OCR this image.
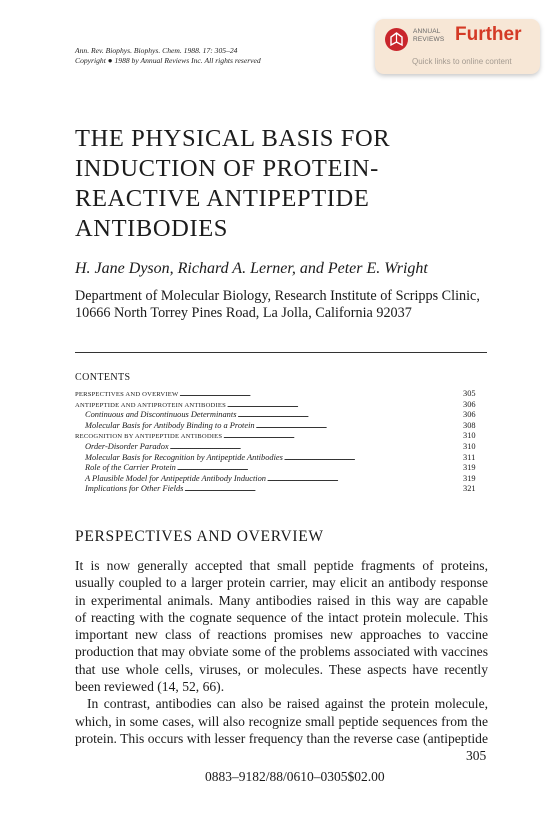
Ann. Rev. Biophys. Biophys. Chem. 1988. 17: 305–24
Copyright ● 1988 by Annual Reviews Inc. All rights reserved
ANNUAL
REVIEWS Further
Quick links to online content
THE PHYSICAL BASIS FOR
INDUCTION OF PROTEIN-
REACTIVE ANTIPEPTIDE
ANTIBODIES
H. Jane Dyson, Richard A. Lerner, and Peter E. Wright
Department of Molecular Biology, Research Institute of Scripps Clinic,
10666 North Torrey Pines Road, La Jolla, California 92037
CONTENTS
PERSPECTIVES AND OVERVIEW . . .	305
ANTIPEPTIDE AND ANTIPROTEIN ANTIBODIES . . .	306
Continuous and Discontinuous Determinants . . .	306
Molecular Basis for Antibody Binding to a Protein . . .	308
RECOGNITION BY ANTIPEPTIDE ANTIBODIES . . .	310
Order-Disorder Paradox . . .	310
Molecular Basis for Recognition by Antipeptide Antibodies . . .	311
Role of the Carrier Protein . . .	319
A Plausible Model for Antipeptide Antibody Induction . . .	319
Implications for Other Fields . . .	321
PERSPECTIVES AND OVERVIEW
It is now generally accepted that small peptide fragments of proteins,
usually coupled to a larger protein carrier, may elicit an antibody response
in experimental animals. Many antibodies raised in this way are capable
of reacting with the cognate sequence of the intact protein molecule. This
important new class of reactions promises new approaches to vaccine
production that may obviate some of the problems associated with vaccines
that use whole cells, viruses, or molecules. These aspects have recently
been reviewed (14, 52, 66).
In contrast, antibodies can also be raised against the protein molecule,
which, in some cases, will also recognize small peptide sequences from the
protein. This occurs with lesser frequency than the reverse case (antipeptide
305
0883–9182/88/0610–0305$02.00
